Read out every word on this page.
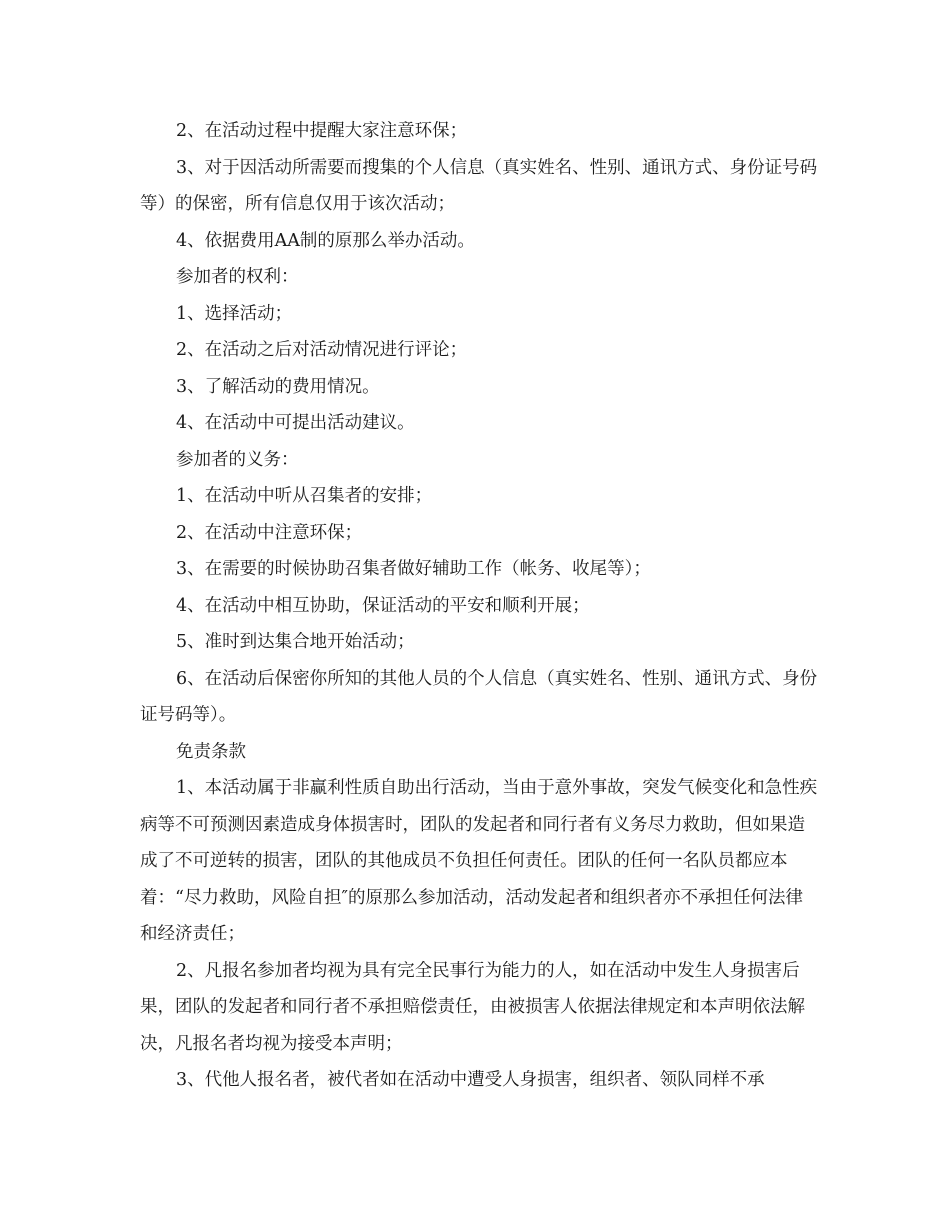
2、在活动过程中提醒大家注意环保；

3、对于因活动所需要而搜集的个人信息（真实姓名、性别、通讯方式、身份证号码等）的保密，所有信息仅用于该次活动；

4、依据费用AA制的原那么举办活动。

参加者的权利：

1、选择活动；

2、在活动之后对活动情况进行评论；

3、了解活动的费用情况。

4、在活动中可提出活动建议。

参加者的义务：

1、在活动中听从召集者的安排；

2、在活动中注意环保；

3、在需要的时候协助召集者做好辅助工作（帐务、收尾等）；

4、在活动中相互协助，保证活动的平安和顺利开展；

5、准时到达集合地开始活动；

6、在活动后保密你所知的其他人员的个人信息（真实姓名、性别、通讯方式、身份证号码等）。

免责条款

1、本活动属于非赢利性质自助出行活动，当由于意外事故，突发气候变化和急性疾病等不可预测因素造成身体损害时，团队的发起者和同行者有义务尽力救助，但如果造成了不可逆转的损害，团队的其他成员不负担任何责任。团队的任何一名队员都应本着：“尽力救助，风险自担″的原那么参加活动，活动发起者和组织者亦不承担任何法律和经济责任；

2、凡报名参加者均视为具有完全民事行为能力的人，如在活动中发生人身损害后果，团队的发起者和同行者不承担赔偿责任，由被损害人依据法律规定和本声明依法解决，凡报名者均视为接受本声明；

3、代他人报名者，被代者如在活动中遭受人身损害，组织者、领队同样不承
